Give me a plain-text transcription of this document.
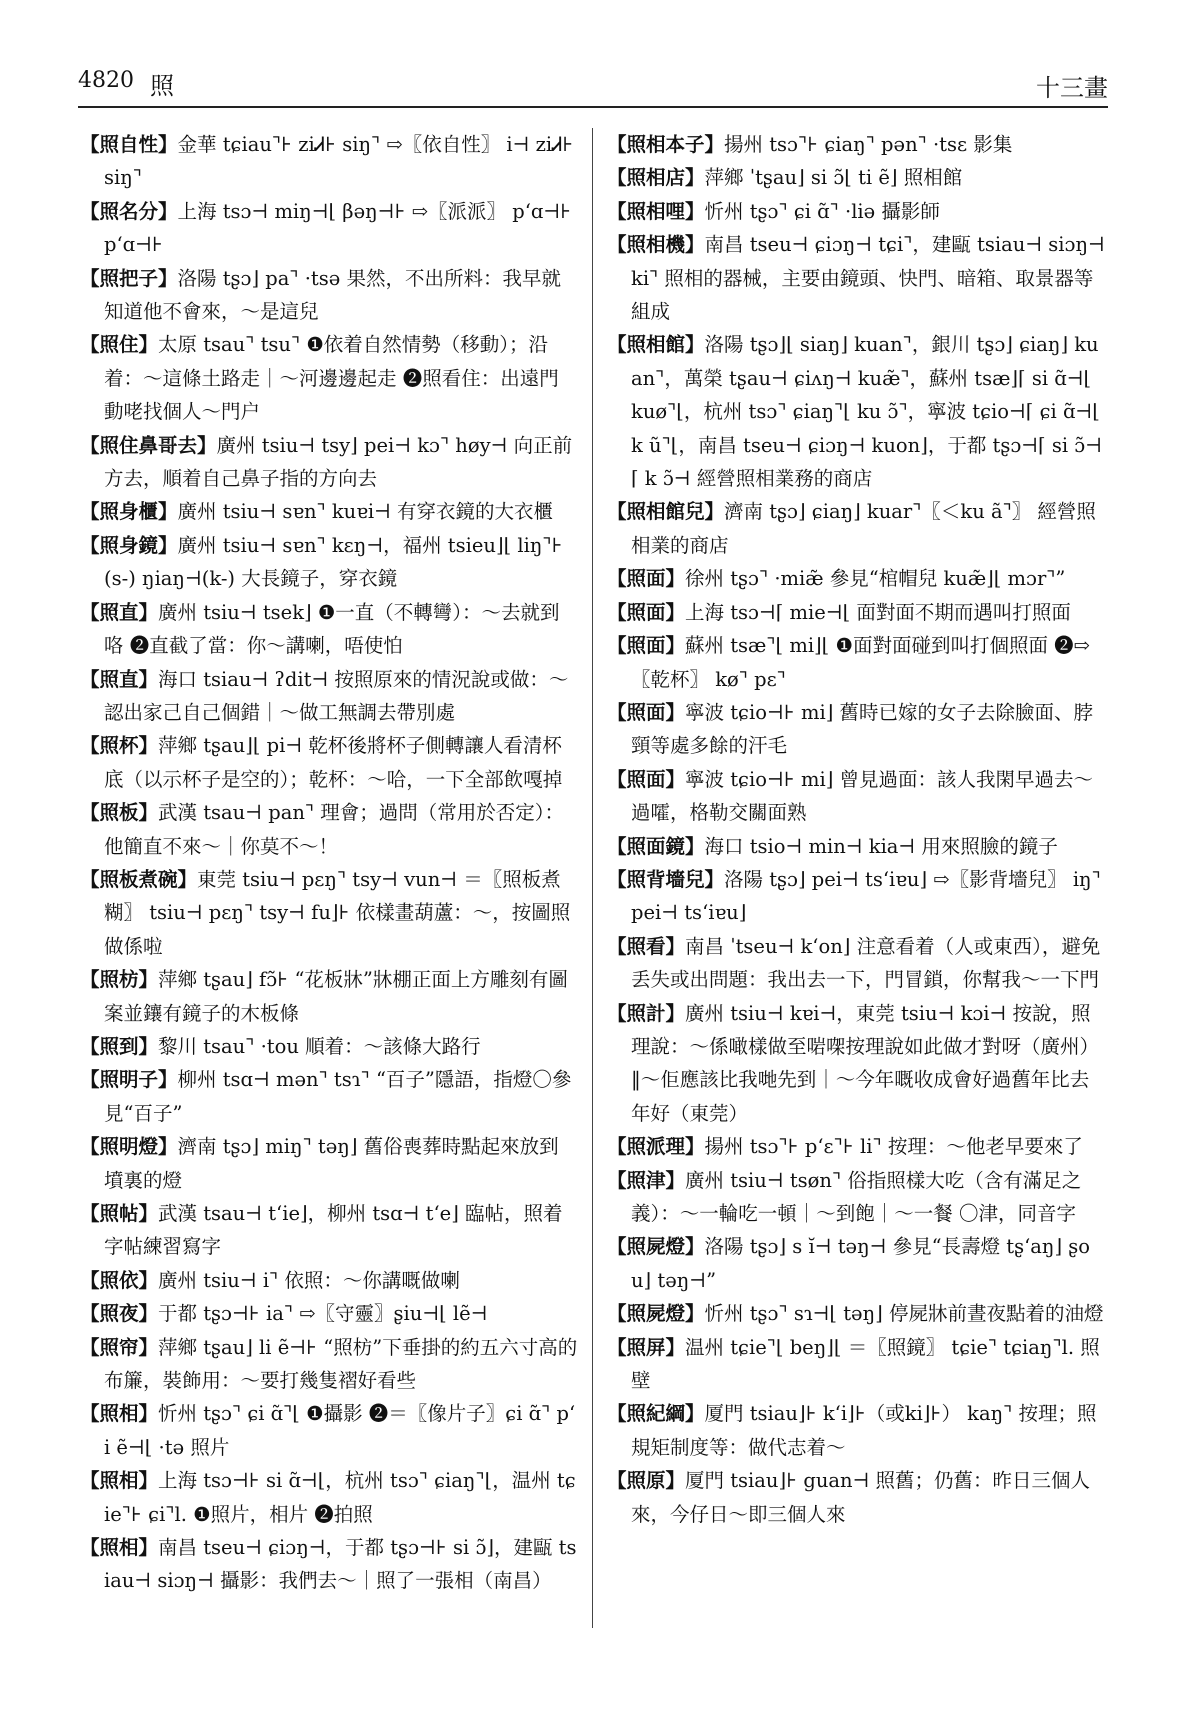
4820 照	十三畫

【照自性】金華 tɕiau⌝⊦ ziᏗ⊦ siŋ⌝ ⇨〖依自性〗 i⊣ ziᏗ⊦ siŋ⌝

【照名分】上海 tsɔ⊣ miŋ⊣⌊ βəŋ⊣⊦ ⇨〖派派〗 pʻɑ⊣⊦ pʻɑ⊣⊦

【照把子】洛陽 tʂɔ⌋ pa⌝ ·tsə 果然，不出所料：我早就知道他不會來，～是這兒

【照住】太原 tsau⌝ tsu⌝ ❶依着自然情勢（移動）；沿着：～這條土路走｜～河邊邊起走 ❷照看住：出遠門動咾找個人～門户

【照住鼻哥去】廣州 tsiu⊣ tsy⌋ pei⊣ kɔ⌝ høy⊣ 向正前方去，順着自己鼻子指的方向去

【照身櫃】廣州 tsiu⊣ sɐn⌝ kuɐi⊣ 有穿衣鏡的大衣櫃

【照身鏡】廣州 tsiu⊣ sɐn⌝ kɛŋ⊣，福州 tsieu⌋⌊ liŋ⌝⊦ (s-) ŋiaŋ⊣(k-) 大長鏡子，穿衣鏡

【照直】廣州 tsiu⊣ tsek⌋ ❶一直（不轉彎）：～去就到咯 ❷直截了當：你～講喇，唔使怕

【照直】海口 tsiau⊣ ʔdit⊣ 按照原來的情況說或做：～認出家己自己個錯｜～做工無調去帶別處

【照杯】萍鄉 tʂau⌋⌊ pi⊣ 乾杯後將杯子側轉讓人看清杯底（以示杯子是空的）；乾杯：～哈，一下全部飲嘎掉

【照板】武漢 tsau⊣ pan⌝ 理會；過問（常用於否定）：他簡直不來～｜你莫不～！

【照板煮碗】東莞 tsiu⊣ pɛŋ⌝ tsy⊣ vun⊣ ＝〖照板煮糊〗 tsiu⊣ pɛŋ⌝ tsy⊣ fu⌋⊦ 依樣畫葫蘆：～，按圖照做係啦

【照枋】萍鄉 tʂau⌋ fɔ̃⊦ “花板牀”牀棚正面上方雕刻有圖案並鑲有鏡子的木板條

【照到】黎川 tsau⌝ ·tou 順着：～該條大路行

【照明子】柳州 tsɑ⊣ mən⌝ tsɿ⌝ “百子”隱語，指燈〇參見“百子”

【照明燈】濟南 tʂɔ⌋ miŋ⌝ təŋ⌋ 舊俗喪葬時點起來放到墳裏的燈

【照帖】武漢 tsau⊣ tʻie⌋，柳州 tsɑ⊣ tʻe⌋ 臨帖，照着字帖練習寫字

【照依】廣州 tsiu⊣ i⌝ 依照：～你講嘅做喇

【照夜】于都 tʂɔ⊣⊦ ia⌝ ⇨〖守靈〗ʂiu⊣⌊ lẽ⊣

【照帘】萍鄉 tʂau⌋ li ẽ⊣⊦ “照枋”下垂掛的約五六寸高的布簾，裝飾用：～要打幾隻褶好看些

【照相】忻州 tʂɔ⌝ ɕi ɑ̃⌝⌊ ❶攝影 ❷＝〖像片子〗ɕi ɑ̃⌝ pʻi ẽ⊣⌊ ·tə 照片

【照相】上海 tsɔ⊣⊦ si ɑ̃⊣⌊，杭州 tsɔ⌝ ɕiaŋ⌝⌊，温州 tɕie⌝⊦ ɕi⌝l. ❶照片，相片 ❷拍照

【照相】南昌 tseu⊣ ɕiɔŋ⊣，于都 tʂɔ⊣⊦ si ɔ̃⌋，建甌 tsiau⊣ siɔŋ⊣ 攝影：我們去～｜照了一張相（南昌）

【照相本子】揚州 tsɔ⌝⊦ ɕiaŋ⌝ pən⌝ ·tsɛ 影集

【照相店】萍鄉 ˈtʂau⌋ si ɔ̃⌊ ti ẽ⌋ 照相館

【照相哩】忻州 tʂɔ⌝ ɕi ɑ̃⌝ ·liə 攝影師

【照相機】南昌 tseu⊣ ɕiɔŋ⊣ tɕi⌝，建甌 tsiau⊣ siɔŋ⊣ ki⌝ 照相的器械，主要由鏡頭、快門、暗箱、取景器等組成

【照相館】洛陽 tʂɔ⌋⌊ siaŋ⌋ kuan⌝，銀川 tʂɔ⌋ ɕiaŋ⌋ kuan⌝，萬榮 tʂau⊣ ɕiʌŋ⊣ kuæ̃⌝，蘇州 tsæ⌋⌈ si ɑ̃⊣⌊ kuø⌝⌊，杭州 tsɔ⌝ ɕiaŋ⌝⌊ ku ɔ̃⌝，寧波 tɕio⊣⌈ ɕi ɑ̃⊣⌊ k ũ⌝⌊，南昌 tseu⊣ ɕiɔŋ⊣ kuon⌋，于都 tʂɔ⊣⌈ si ɔ̃⊣⌈ k ɔ̃⊣ 經營照相業務的商店

【照相館兒】濟南 tʂɔ⌋ ɕiaŋ⌋ kuar⌝〖＜ku ã⌝〗 經營照相業的商店

【照面】徐州 tʂɔ⌝ ·miæ̃ 參見“棺帽兒 kuæ̃⌋⌊ mɔr⌝”

【照面】上海 tsɔ⊣⌈ mie⊣⌊ 面對面不期而遇叫打照面

【照面】蘇州 tsæ⌝⌊ mi⌋⌊ ❶面對面碰到叫打個照面 ❷⇨〖乾杯〗 kø⌝ pɛ⌝

【照面】寧波 tɕio⊣⊦ mi⌋ 舊時已嫁的女子去除臉面、脖頸等處多餘的汗毛

【照面】寧波 tɕio⊣⊦ mi⌋ 曾見過面：該人我閑早過去～過嚯，格勒交關面熟

【照面鏡】海口 tsio⊣ min⊣ kia⊣ 用來照臉的鏡子

【照背墻兒】洛陽 tʂɔ⌋ pei⊣ tsʻiɐu⌋ ⇨〖影背墻兒〗 iŋ⌝ pei⊣ tsʻiɐu⌋

【照看】南昌 ˈtseu⊣ kʻon⌋ 注意看着（人或東西），避免丢失或出問題：我出去一下，門冒鎖，你幫我～一下門

【照計】廣州 tsiu⊣ kɐi⊣，東莞 tsiu⊣ kɔi⊣ 按說，照理說：～係噉樣做至啱㗎按理說如此做才對呀（廣州）‖～佢應該比我哋先到｜～今年嘅收成會好過舊年比去年好（東莞）

【照派理】揚州 tsɔ⌝⊦ pʻɛ⌝⊦ li⌝ 按理：～他老早要來了

【照津】廣州 tsiu⊣ tsøn⌝ 俗指照樣大吃（含有滿足之義）：～一輪吃一頓｜～到飽｜～一餐 〇津，同音字

【照屍燈】洛陽 tʂɔ⌋ s ĭ⊣ təŋ⊣ 參見“長壽燈 tʂʻaŋ⌋ ʂou⌋ təŋ⊣”

【照屍燈】忻州 tʂɔ⌝ sɿ⊣⌊ təŋ⌋ 停屍牀前晝夜點着的油燈

【照屏】温州 tɕie⌝⌊ beŋ⌋⌊ ＝〖照鏡〗 tɕie⌝ tɕiaŋ⌝l. 照壁

【照紀綱】厦門 tsiau⌋⊦ kʻi⌋⊦（或ki⌋⊦） kaŋ⌝ 按理；照規矩制度等：做代志着～

【照原】厦門 tsiau⌋⊦ guan⊣ 照舊；仍舊：昨日三個人來，今仔日～即三個人來
